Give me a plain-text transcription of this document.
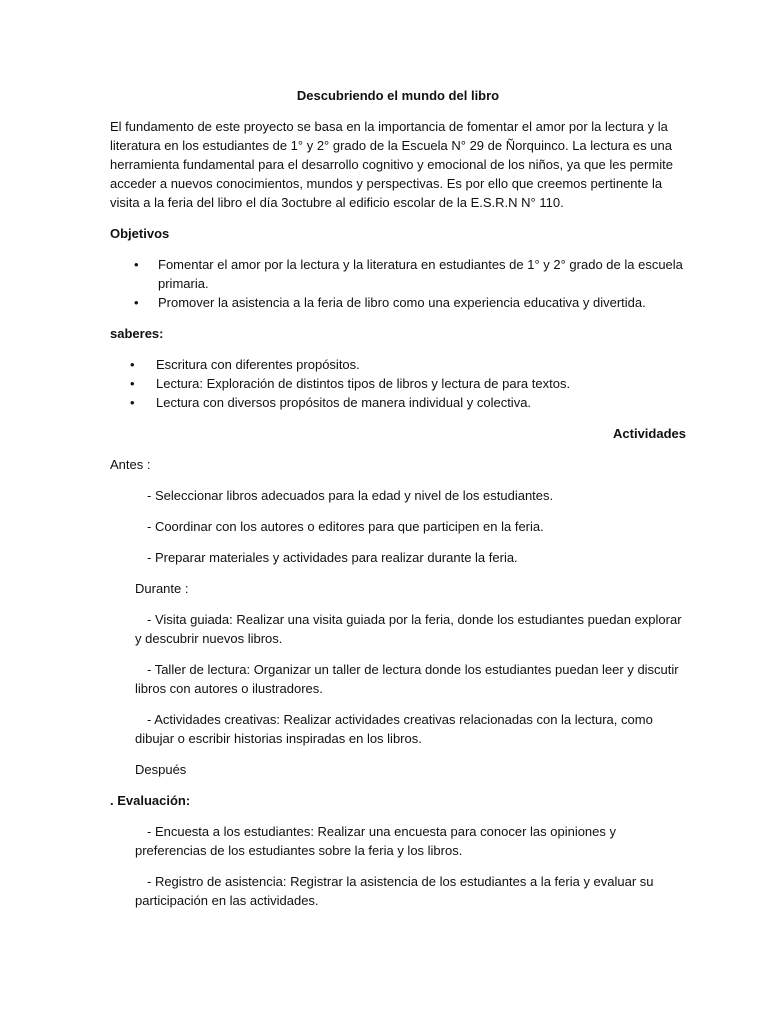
Descubriendo el mundo del libro

El fundamento de este proyecto se basa en la importancia de fomentar el amor por la lectura y la literatura en los estudiantes de 1° y 2° grado de la Escuela N° 29 de Ñorquinco. La lectura es una herramienta fundamental para el desarrollo cognitivo y emocional de los niños, ya que les permite acceder a nuevos conocimientos, mundos y perspectivas. Es por ello que creemos pertinente la visita a la feria del libro el día 3octubre al edificio escolar de la E.S.R.N N° 110.

Objetivos

• Fomentar el amor por la lectura y la literatura en estudiantes de 1° y 2° grado de la escuela primaria.
• Promover la asistencia a la feria de libro como una experiencia educativa y divertida.

saberes:

• Escritura con diferentes propósitos.
• Lectura: Exploración de distintos tipos de libros y lectura de para textos.
• Lectura con diversos propósitos de manera individual y colectiva.

Actividades

Antes :

- Seleccionar libros adecuados para la edad y nivel de los estudiantes.

- Coordinar con los autores o editores para que participen en la feria.

- Preparar materiales y actividades para realizar durante la feria.

Durante :

- Visita guiada: Realizar una visita guiada por la feria, donde los estudiantes puedan explorar y descubrir nuevos libros.

- Taller de lectura: Organizar un taller de lectura donde los estudiantes puedan leer y discutir libros con autores o ilustradores.

- Actividades creativas: Realizar actividades creativas relacionadas con la lectura, como dibujar o escribir historias inspiradas en los libros.

Después

. Evaluación:

- Encuesta a los estudiantes: Realizar una encuesta para conocer las opiniones y preferencias de los estudiantes sobre la feria y los libros.

- Registro de asistencia: Registrar la asistencia de los estudiantes a la feria y evaluar su participación en las actividades.
